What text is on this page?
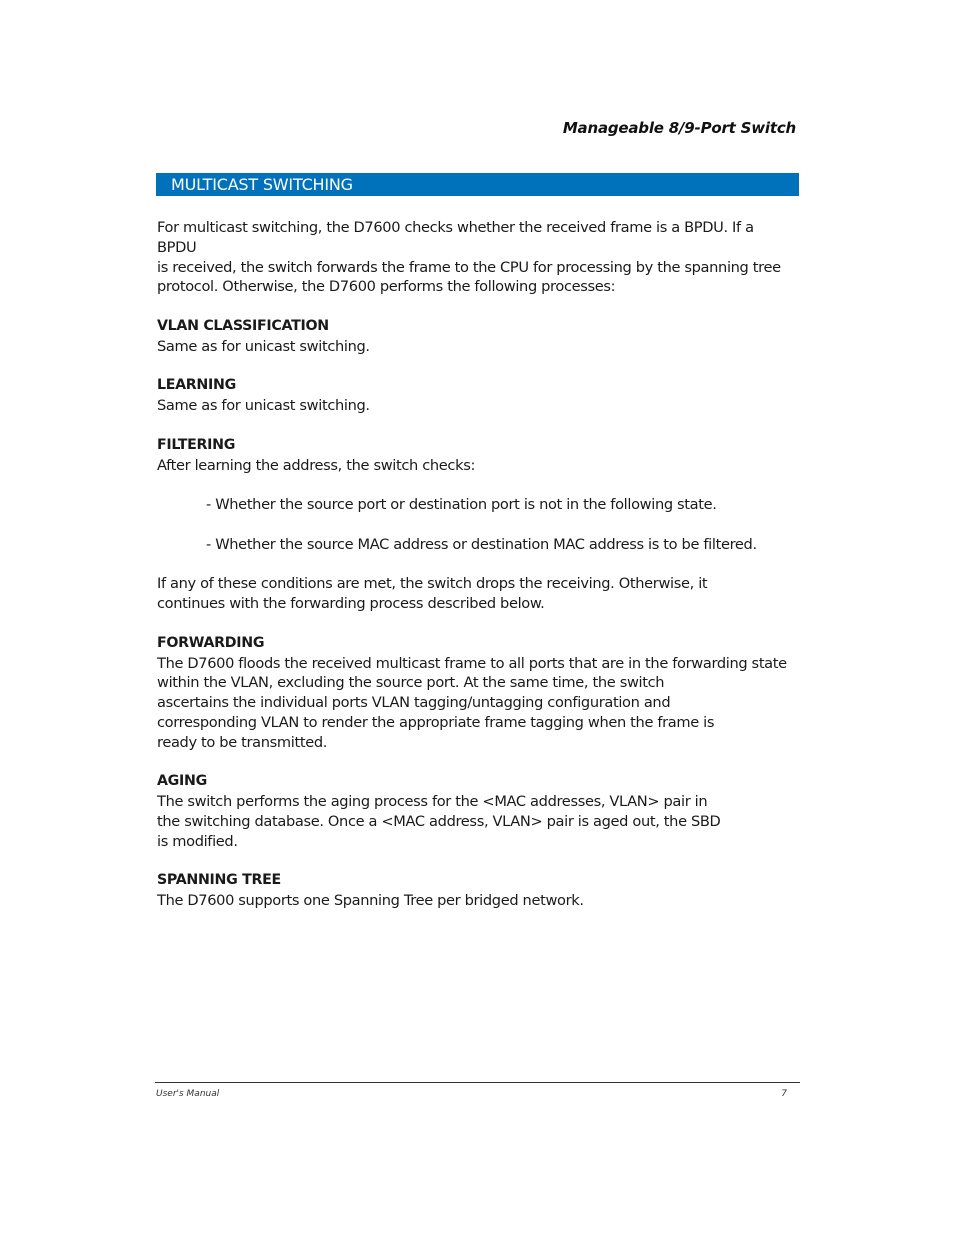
Manageable 8/9-Port Switch
MULTICAST SWITCHING

For multicast switching, the D7600 checks whether the received frame is a BPDU. If a BPDU

is received, the switch forwards the frame to the CPU for processing by the spanning tree

protocol. Otherwise, the D7600 performs the following processes:

VLAN CLASSIFICATION

Same as for unicast switching.

LEARNING

Same as for unicast switching.

FILTERING

After learning the address, the switch checks:

- Whether the source port or destination port is not in the following state.

- Whether the source MAC address or destination MAC address is to be filtered.

If any of these conditions are met, the switch drops the receiving. Otherwise, it

continues with the forwarding process described below.

FORWARDING

The D7600 floods the received multicast frame to all ports that are in the forwarding state

within the VLAN, excluding the source port. At the same time, the switch

ascertains the individual ports VLAN tagging/untagging configuration and

corresponding VLAN to render the appropriate frame tagging when the frame is

ready to be transmitted.

AGING

The switch performs the aging process for the <MAC addresses, VLAN> pair in

the switching database. Once a <MAC address, VLAN> pair is aged out, the SBD

is modified.

SPANNING TREE

The D7600 supports one Spanning Tree per bridged network.

User's Manual	7
